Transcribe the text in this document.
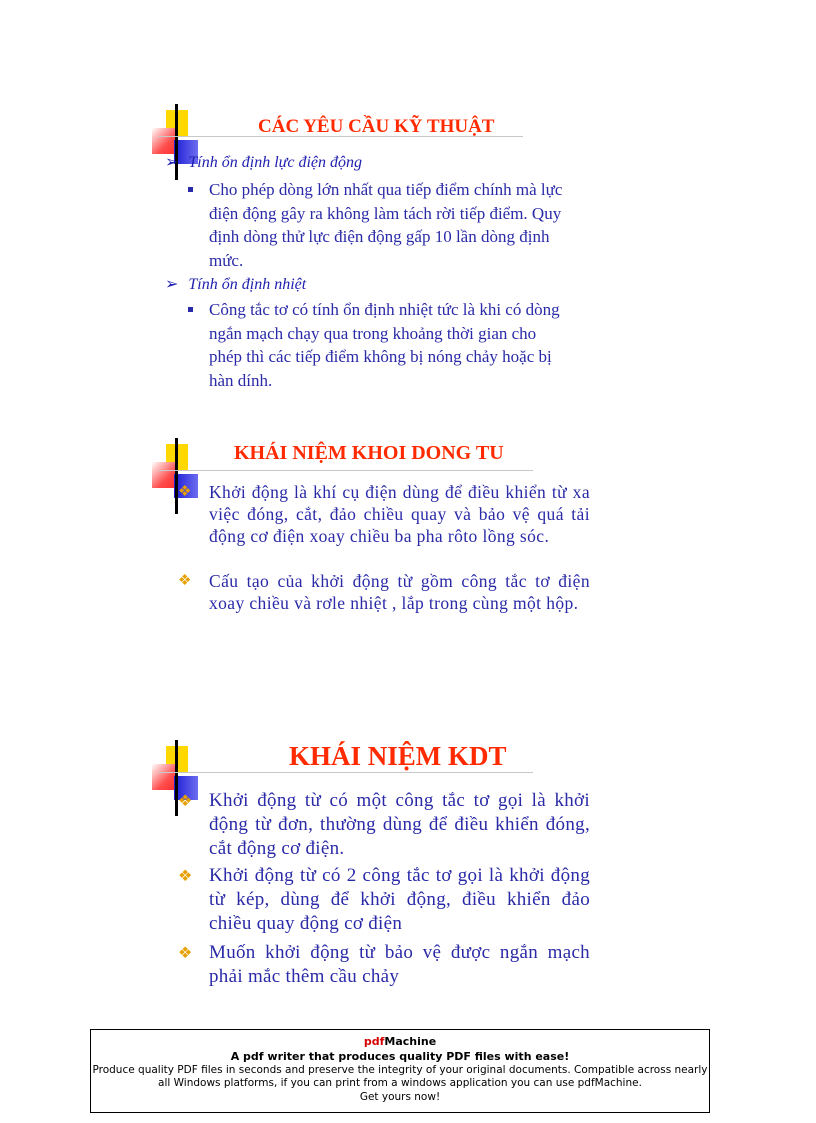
CÁC YÊU CẦU KỸ THUẬT
➢ Tính ổn định lực điện động
Cho phép dòng lớn nhất qua tiếp điểm chính mà lực điện động gây ra không làm tách rời tiếp điểm. Quy định dòng thử lực điện động gấp 10 lần dòng định mức.
➢ Tính ổn định nhiệt
Công tắc tơ có tính ổn định nhiệt tức là khi có dòng ngắn mạch chạy qua trong khoảng thời gian cho phép thì các tiếp điểm không bị nóng chảy hoặc bị hàn dính.
KHÁI NIỆM KHOI DONG TU
❖ Khởi động là khí cụ điện dùng để điều khiển từ xa việc đóng, cắt, đảo chiều quay và bảo vệ quá tải động cơ điện xoay chiều ba pha rôto lồng sóc.
❖ Cấu tạo của khởi động từ gồm công tắc tơ điện xoay chiều và rơle nhiệt , lắp trong cùng một hộp.
KHÁI NIỆM KDT
❖ Khởi động từ có một công tắc tơ gọi là khởi động từ đơn, thường dùng để điều khiển đóng, cắt động cơ điện.
❖ Khởi động từ có 2 công tắc tơ gọi là khởi động từ kép, dùng để khởi động, điều khiển đảo chiều quay động cơ điện
❖ Muốn khởi động từ bảo vệ được ngắn mạch phải mắc thêm cầu chảy
pdfMachine
A pdf writer that produces quality PDF files with ease!
Produce quality PDF files in seconds and preserve the integrity of your original documents. Compatible across nearly all Windows platforms, if you can print from a windows application you can use pdfMachine.
Get yours now!
